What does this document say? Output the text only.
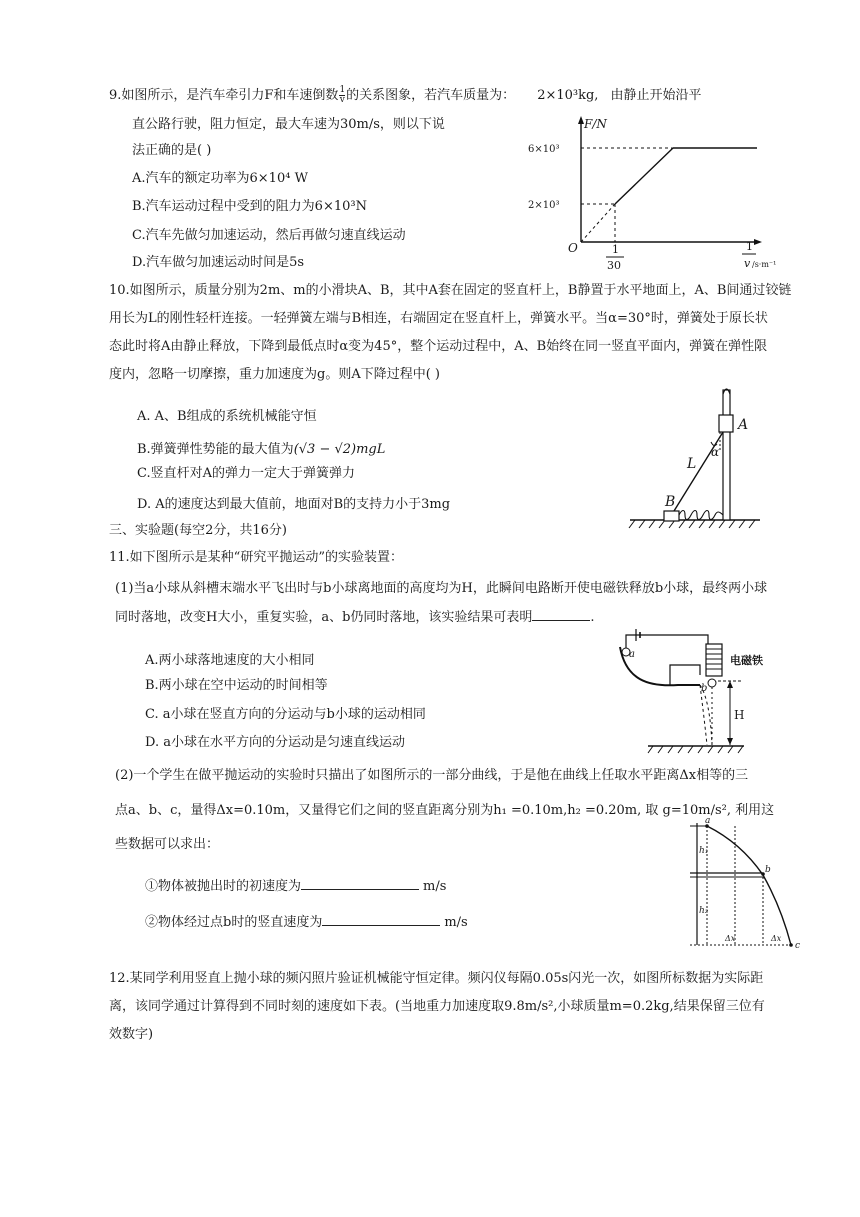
9.如图所示，是汽车牵引力F和车速倒数 $\frac{1}{v}$ 的关系图象，若汽车质量为： 2×10³kg, 由静止开始沿平
直公路行驶，阻力恒定，最大车速为30m/s，则以下说
法正确的是( )
A.汽车的额定功率为6×10⁴ W
B.汽车运动过程中受到的阻力为6×10³N
C.汽车先做匀加速运动，然后再做匀速直线运动
D.汽车做匀加速运动时间是5s
F/N
6×10³
2×10³
O	1
30
1
v /s·m⁻¹
10.如图所示，质量分别为2m、m的小滑块A、B，其中A套在固定的竖直杆上，B静置于水平地面上，A、B间通过铰链
用长为L的刚性轻杆连接。一轻弹簧左端与B相连，右端固定在竖直杆上，弹簧水平。当α=30°时，弹簧处于原长状
态此时将A由静止释放，下降到最低点时α变为45°，整个运动过程中，A、B始终在同一竖直平面内，弹簧在弹性限
度内，忽略一切摩擦，重力加速度为g。则A下降过程中( )
A. A、B组成的系统机械能守恒
B.弹簧弹性势能的最大值为(√3 − √2)mgL
C.竖直杆对A的弹力一定大于弹簧弹力
D. A的速度达到最大值前，地面对B的支持力小于3mg
A
B
L
α
三、实验题(每空2分，共16分)
11.如下图所示是某种“研究平抛运动”的实验装置：
(1)当a小球从斜槽末端水平飞出时与b小球离地面的高度均为H，此瞬间电路断开使电磁铁释放b小球，最终两小球
同时落地，改变H大小，重复实验，a、b仍同时落地，该实验结果可表明	.
A.两小球落地速度的大小相同
B.两小球在空中运动的时间相等
C. a小球在竖直方向的分运动与b小球的运动相同
D. a小球在水平方向的分运动是匀速直线运动
电磁铁
a
b
H
(2)一个学生在做平抛运动的实验时只描出了如图所示的一部分曲线，于是他在曲线上任取水平距离Δx相等的三
点a、b、c，量得Δx=0.10m，又量得它们之间的竖直距离分别为h₁ =0.10m,h₂ =0.20m, 取 g=10m/s², 利用这
些数据可以求出：
①物体被抛出时的初速度为	m/s
②物体经过点b时的竖直速度为	m/s
a
b
c
h₁
h₂
Δx	Δx
12.某同学利用竖直上抛小球的频闪照片验证机械能守恒定律。频闪仪每隔0.05s闪光一次，如图所标数据为实际距
离，该同学通过计算得到不同时刻的速度如下表。(当地重力加速度取9.8m/s²,小球质量m=0.2kg,结果保留三位有
效数字)
